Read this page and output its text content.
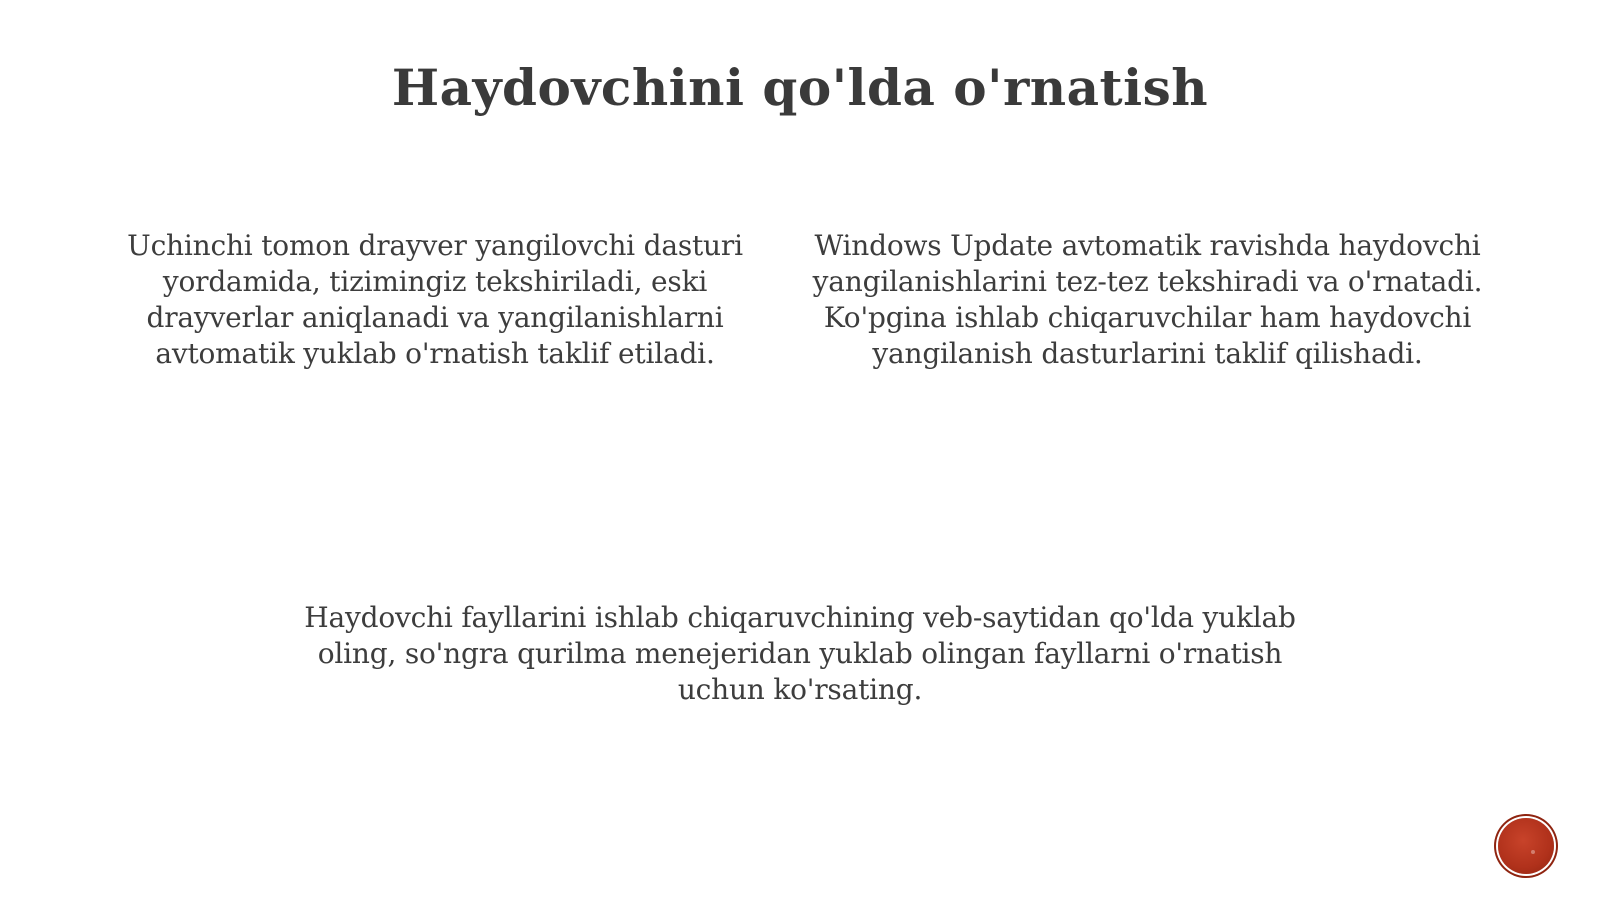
Haydovchini qo'lda o'rnatish

Uchinchi tomon drayver yangilovchi dasturi yordamida, tizimingiz tekshiriladi, eski drayverlar aniqlanadi va yangilanishlarni avtomatik yuklab o'rnatish taklif etiladi.

Windows Update avtomatik ravishda haydovchi yangilanishlarini tez-tez tekshiradi va o'rnatadi. Ko'pgina ishlab chiqaruvchilar ham haydovchi yangilanish dasturlarini taklif qilishadi.

Haydovchi fayllarini ishlab chiqaruvchining veb-saytidan qo'lda yuklab oling, so'ngra qurilma menejeridan yuklab olingan fayllarni o'rnatish uchun ko'rsating.
